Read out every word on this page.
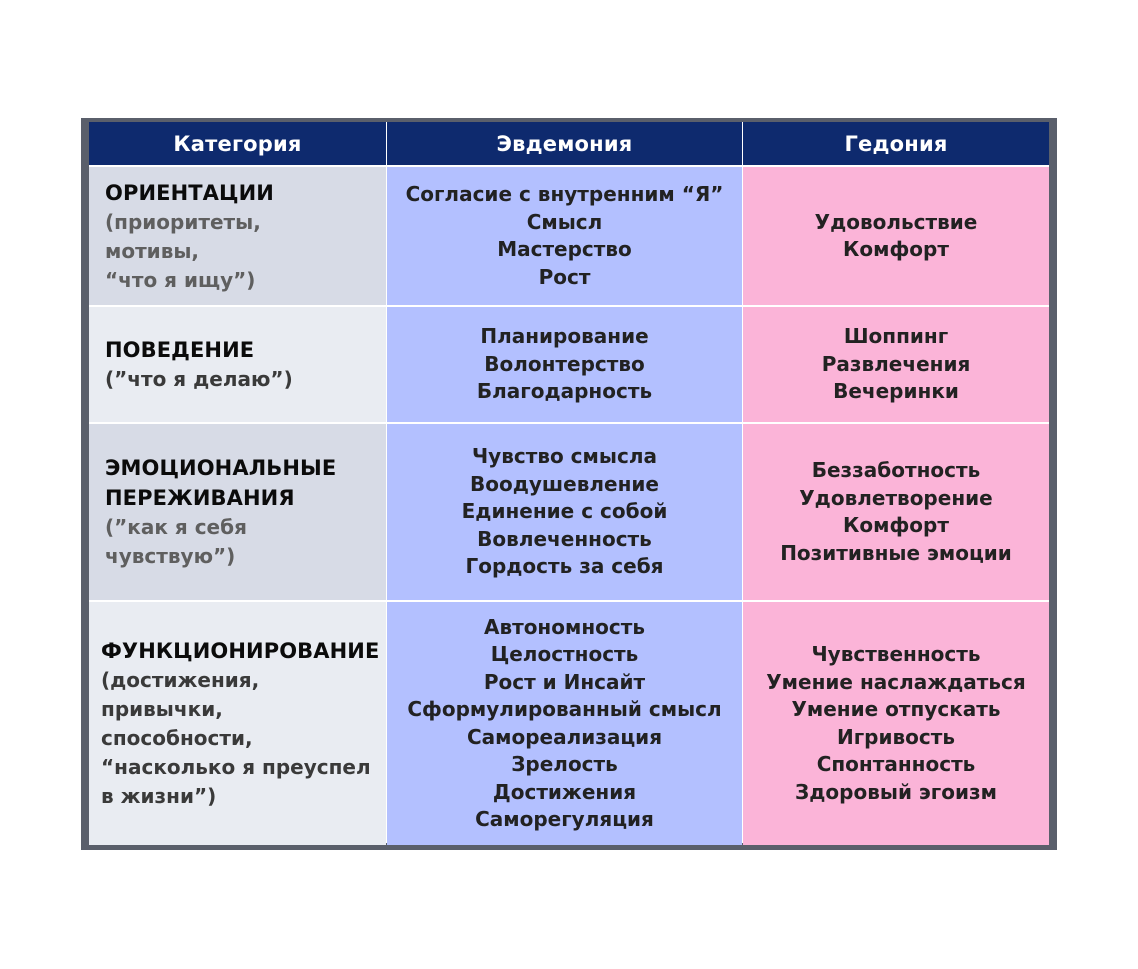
Категория	Эвдемония	Гедония
ОРИЕНТАЦИИ
(приоритеты,
мотивы,
“что я ищу”)
Согласие с внутренним “Я”
Смысл
Мастерство
Рост
Удовольствие
Комфорт
ПОВЕДЕНИЕ
(”что я делаю”)
Планирование
Волонтерство
Благодарность
Шоппинг
Развлечения
Вечеринки
ЭМОЦИОНАЛЬНЫЕ
ПЕРЕЖИВАНИЯ
(”как я себя
чувствую”)
Чувство смысла
Воодушевление
Единение с собой
Вовлеченность
Гордость за себя
Беззаботность
Удовлетворение
Комфорт
Позитивные эмоции
ФУНКЦИОНИРОВАНИЕ
(достижения,
привычки,
способности,
“насколько я преуспел
в жизни”)
Автономность
Целостность
Рост и Инсайт
Сформулированный смысл
Самореализация
Зрелость
Достижения
Саморегуляция
Чувственность
Умение наслаждаться
Умение отпускать
Игривость
Спонтанность
Здоровый эгоизм
